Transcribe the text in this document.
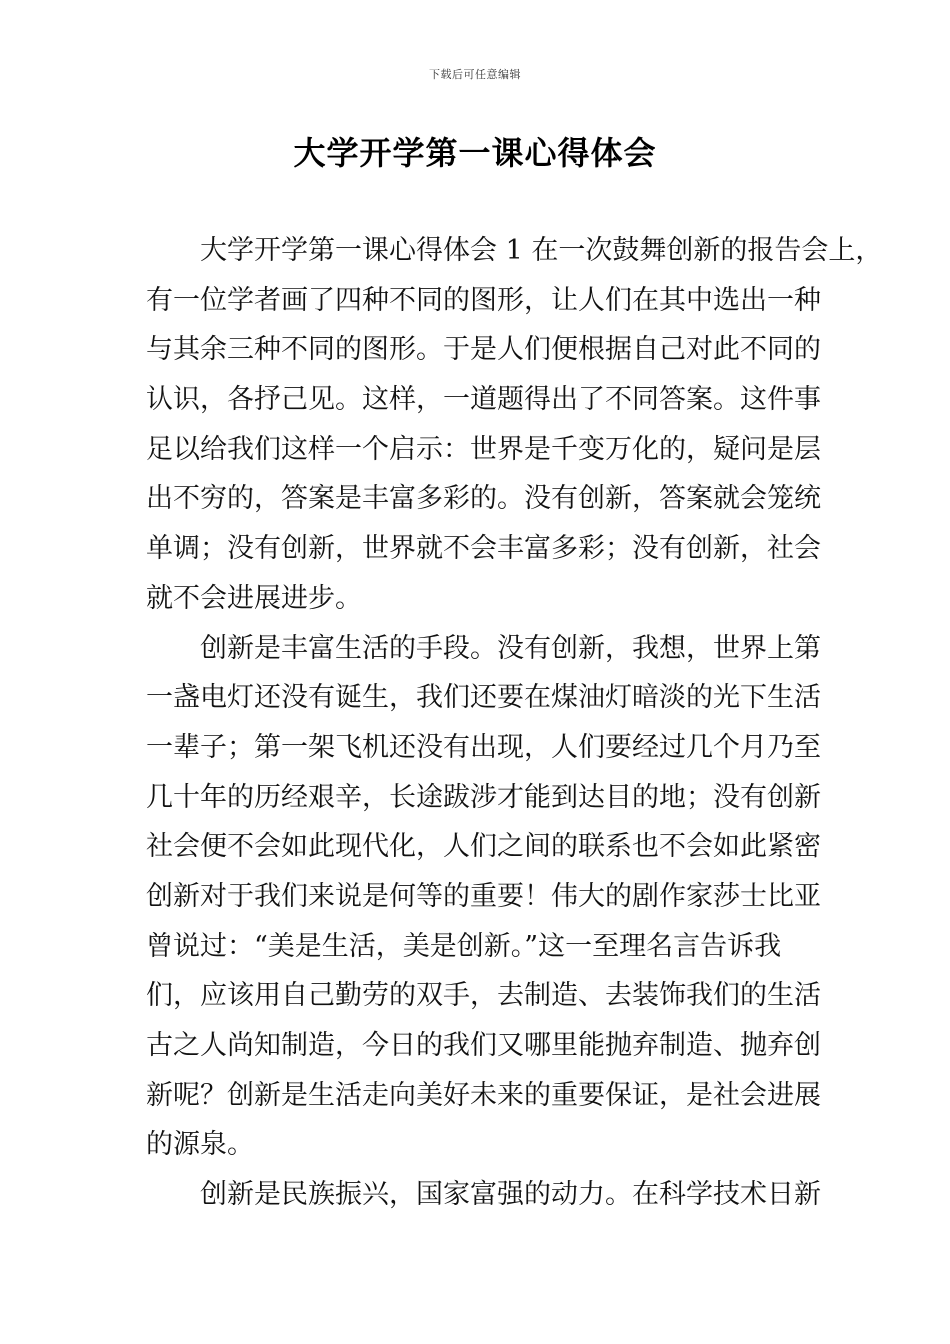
下载后可任意编辑
大学开学第一课心得体会
大学开学第一课心得体会 1 在一次鼓舞创新的报告会上，
有一位学者画了四种不同的图形，让人们在其中选出一种
与其余三种不同的图形。于是人们便根据自己对此不同的
认识，各抒己见。这样，一道题得出了不同答案。这件事
足以给我们这样一个启示：世界是千变万化的，疑问是层
出不穷的，答案是丰富多彩的。没有创新，答案就会笼统
单调；没有创新，世界就不会丰富多彩；没有创新，社会
就不会进展进步。
创新是丰富生活的手段。没有创新，我想，世界上第
一盏电灯还没有诞生，我们还要在煤油灯暗淡的光下生活
一辈子；第一架飞机还没有出现，人们要经过几个月乃至
几十年的历经艰辛，长途跋涉才能到达目的地；没有创新
社会便不会如此现代化，人们之间的联系也不会如此紧密
创新对于我们来说是何等的重要！伟大的剧作家莎士比亚
曾说过：“美是生活，美是创新。”这一至理名言告诉我
们，应该用自己勤劳的双手，去制造、去装饰我们的生活
古之人尚知制造，今日的我们又哪里能抛弃制造、抛弃创
新呢？创新是生活走向美好未来的重要保证，是社会进展
的源泉。
创新是民族振兴，国家富强的动力。在科学技术日新
